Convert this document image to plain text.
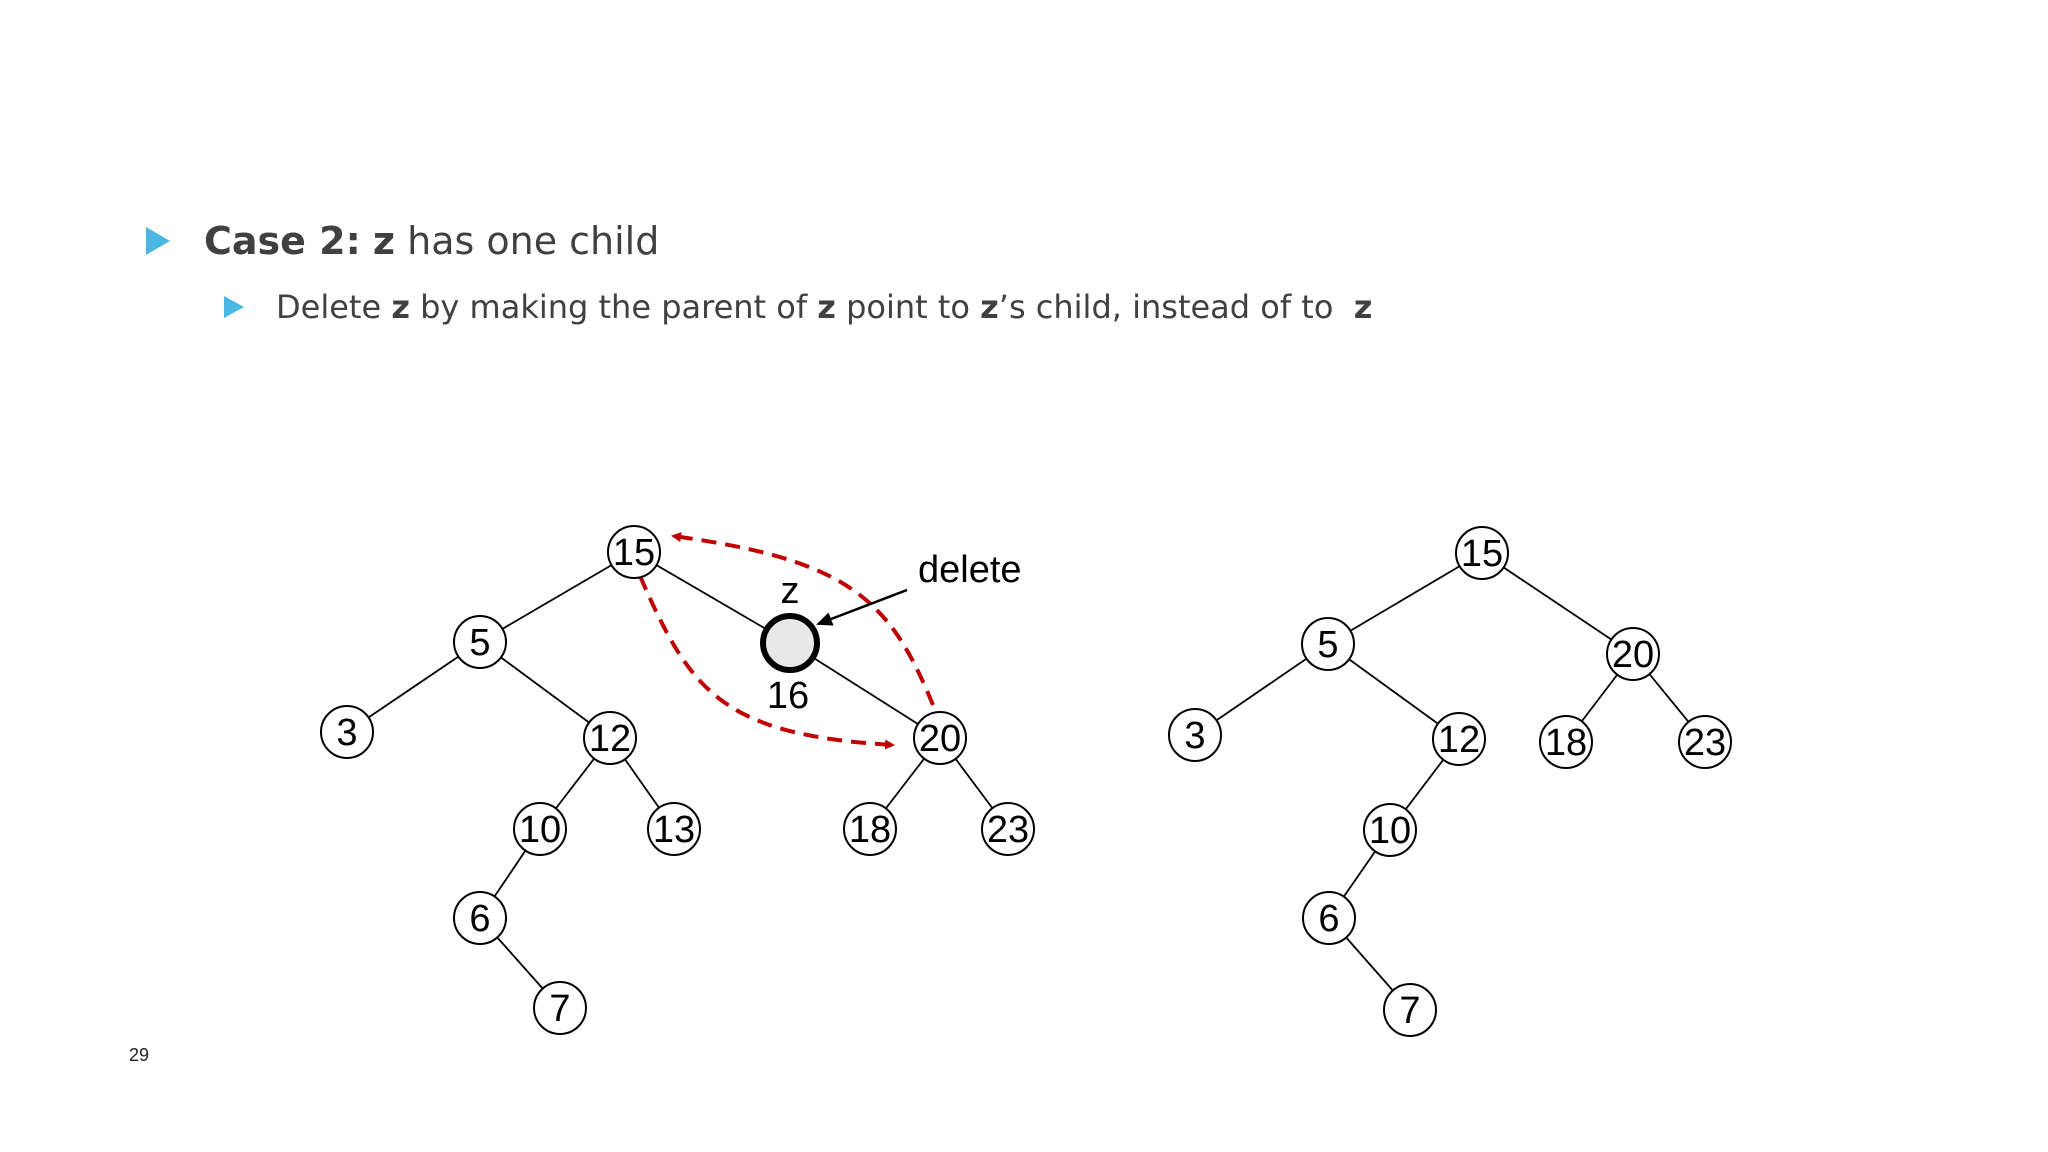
Case 2: z has one child
Delete z by making the parent of z point to z’s child, instead of to z
15
5
3	12
10 13
6
7
20
18	23
15
5
3	12
10
6
7
20
18	23
delete
z
16
29
